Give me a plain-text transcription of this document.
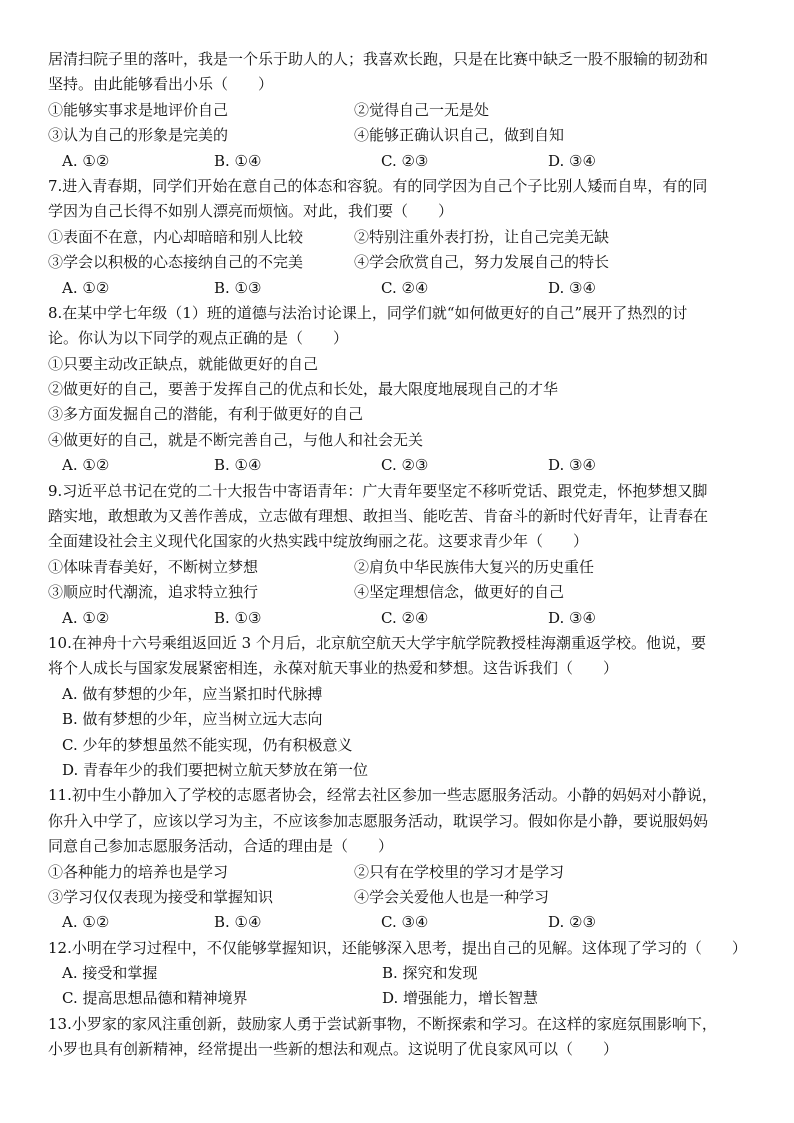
居清扫院子里的落叶，我是一个乐于助人的人；我喜欢长跑，只是在比赛中缺乏一股不服输的韧劲和
坚持。由此能够看出小乐（　　）
①能够实事求是地评价自己	②觉得自己一无是处
③认为自己的形象是完美的	④能够正确认识自己，做到自知
A. ①②	B. ①④	C. ②③	D. ③④
7.进入青春期，同学们开始在意自己的体态和容貌。有的同学因为自己个子比别人矮而自卑，有的同
学因为自己长得不如别人漂亮而烦恼。对此，我们要（　　）
①表面不在意，内心却暗暗和别人比较	②特别注重外表打扮，让自己完美无缺
③学会以积极的心态接纳自己的不完美	④学会欣赏自己，努力发展自己的特长
A. ①②	B. ①③	C. ②④	D. ③④
8.在某中学七年级（1）班的道德与法治讨论课上，同学们就“如何做更好的自己”展开了热烈的讨
论。你认为以下同学的观点正确的是（　　）
①只要主动改正缺点，就能做更好的自己
②做更好的自己，要善于发挥自己的优点和长处，最大限度地展现自己的才华
③多方面发掘自己的潜能，有利于做更好的自己
④做更好的自己，就是不断完善自己，与他人和社会无关
A. ①②	B. ①④	C. ②③	D. ③④
9.习近平总书记在党的二十大报告中寄语青年：广大青年要坚定不移听党话、跟党走，怀抱梦想又脚
踏实地，敢想敢为又善作善成，立志做有理想、敢担当、能吃苦、肯奋斗的新时代好青年，让青春在
全面建设社会主义现代化国家的火热实践中绽放绚丽之花。这要求青少年（　　）
①体味青春美好，不断树立梦想	②肩负中华民族伟大复兴的历史重任
③顺应时代潮流，追求特立独行	④坚定理想信念，做更好的自己
A. ①②	B. ①③	C. ②④	D. ③④
10.在神舟十六号乘组返回近 3 个月后，北京航空航天大学宇航学院教授桂海潮重返学校。他说，要
将个人成长与国家发展紧密相连，永葆对航天事业的热爱和梦想。这告诉我们（　　）
A. 做有梦想的少年，应当紧扣时代脉搏
B. 做有梦想的少年，应当树立远大志向
C. 少年的梦想虽然不能实现，仍有积极意义
D. 青春年少的我们要把树立航天梦放在第一位
11.初中生小静加入了学校的志愿者协会，经常去社区参加一些志愿服务活动。小静的妈妈对小静说，
你升入中学了，应该以学习为主，不应该参加志愿服务活动，耽误学习。假如你是小静，要说服妈妈
同意自己参加志愿服务活动，合适的理由是（　　）
①各种能力的培养也是学习	②只有在学校里的学习才是学习
③学习仅仅表现为接受和掌握知识	④学会关爱他人也是一种学习
A. ①②	B. ①④	C. ③④	D. ②③
12.小明在学习过程中，不仅能够掌握知识，还能够深入思考，提出自己的见解。这体现了学习的（　　）
A. 接受和掌握	B. 探究和发现
C. 提高思想品德和精神境界	D. 增强能力，增长智慧
13.小罗家的家风注重创新，鼓励家人勇于尝试新事物，不断探索和学习。在这样的家庭氛围影响下，
小罗也具有创新精神，经常提出一些新的想法和观点。这说明了优良家风可以（　　）
